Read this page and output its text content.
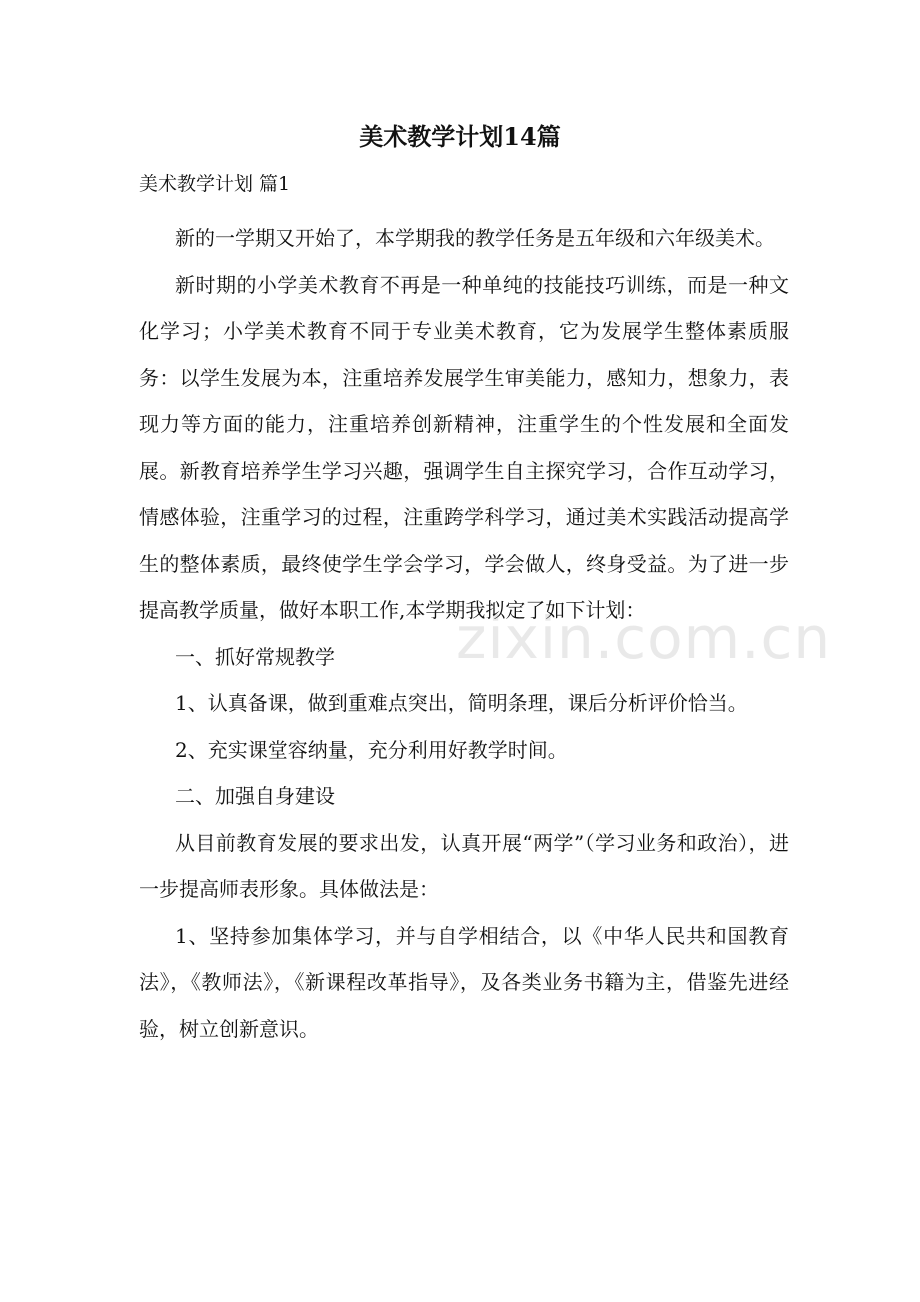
zixin.com.cn
美术教学计划14篇
美术教学计划 篇1

新的一学期又开始了，本学期我的教学任务是五年级和六年级美术。

新时期的小学美术教育不再是一种单纯的技能技巧训练，而是一种文化学习；小学美术教育不同于专业美术教育，它为发展学生整体素质服务：以学生发展为本，注重培养发展学生审美能力，感知力，想象力，表现力等方面的能力，注重培养创新精神，注重学生的个性发展和全面发展。新教育培养学生学习兴趣，强调学生自主探究学习，合作互动学习，情感体验，注重学习的过程，注重跨学科学习，通过美术实践活动提高学生的整体素质，最终使学生学会学习，学会做人，终身受益。为了进一步提高教学质量，做好本职工作,本学期我拟定了如下计划：

一、抓好常规教学

1、认真备课，做到重难点突出，简明条理，课后分析评价恰当。

2、充实课堂容纳量，充分利用好教学时间。

二、加强自身建设

从目前教育发展的要求出发，认真开展“两学”（学习业务和政治），进一步提高师表形象。具体做法是：

1、坚持参加集体学习，并与自学相结合，以《中华人民共和国教育法》，《教师法》，《新课程改革指导》，及各类业务书籍为主，借鉴先进经验，树立创新意识。
